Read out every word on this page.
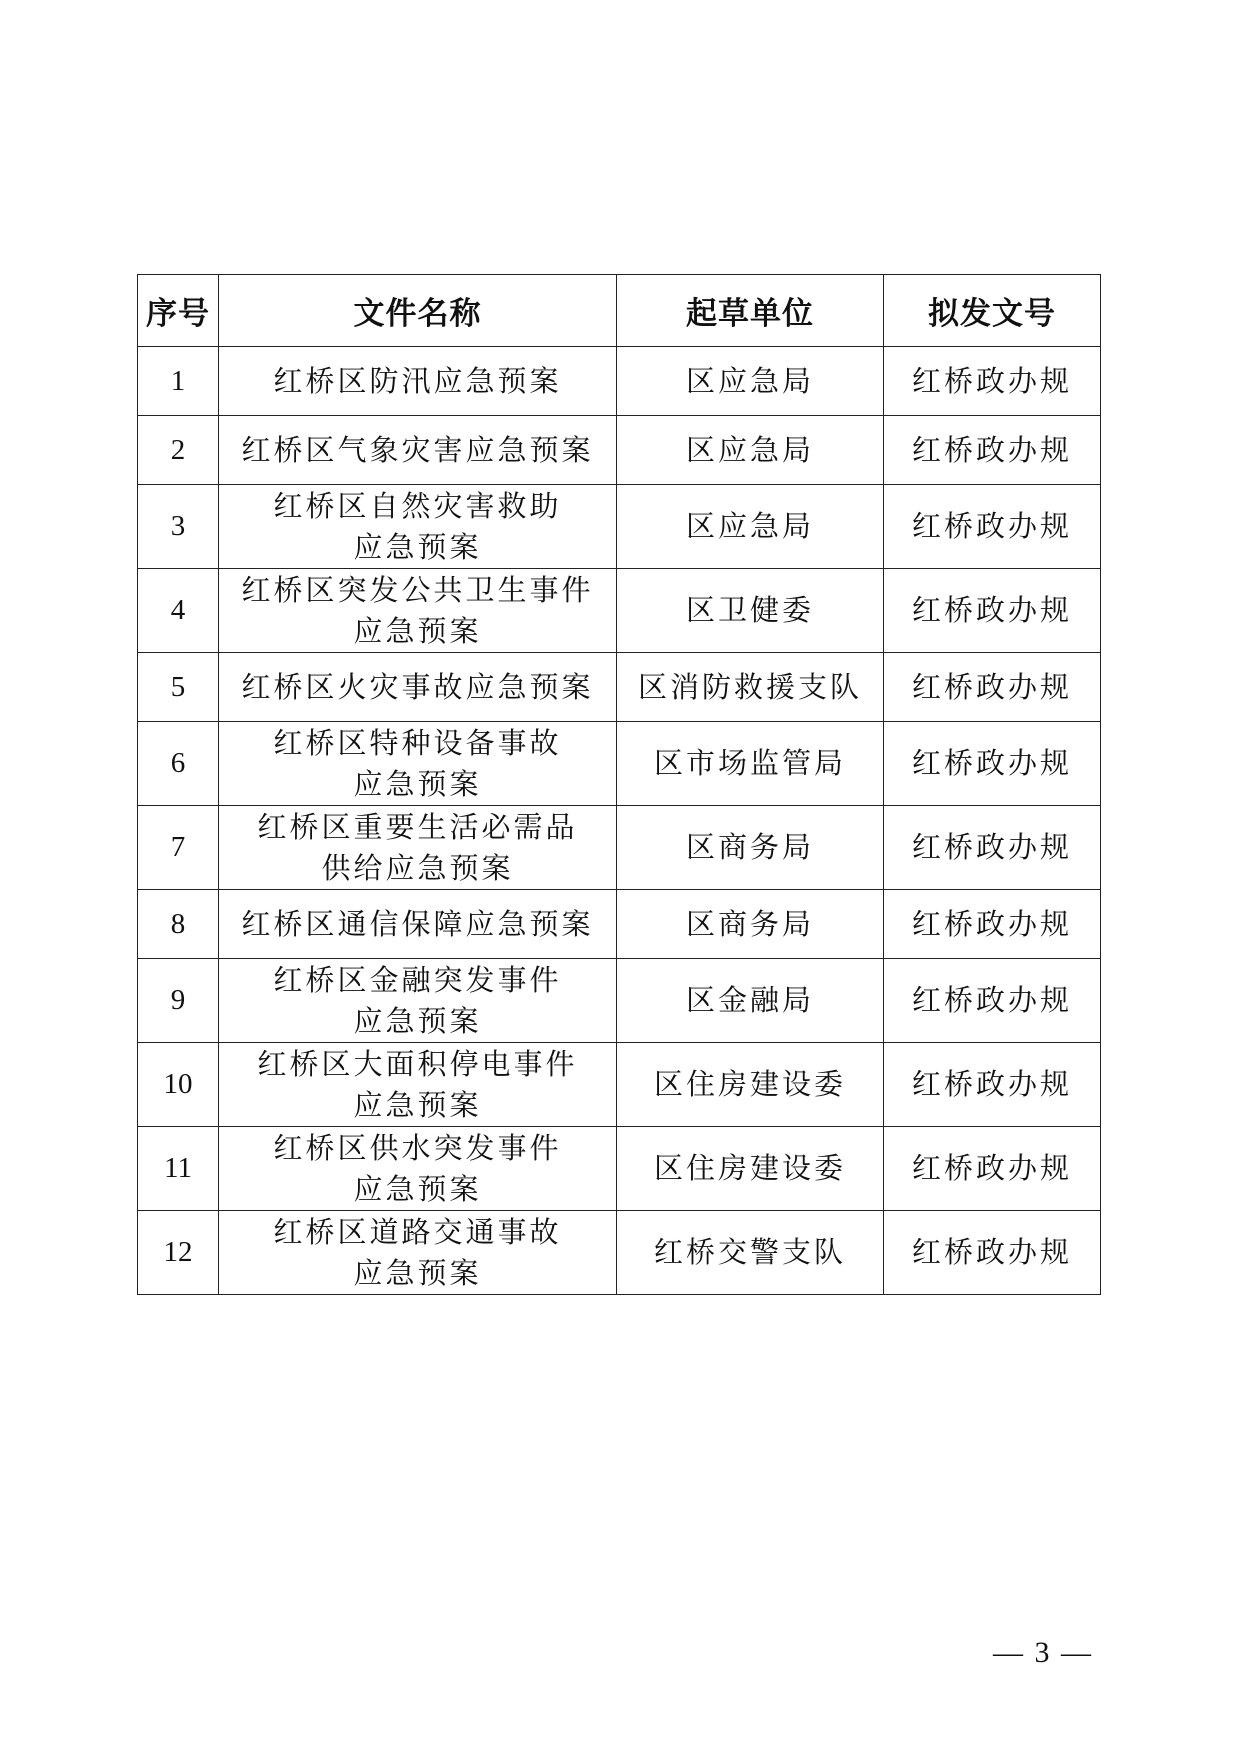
序号	文件名称	起草单位	拟发文号
1	红桥区防汛应急预案	区应急局	红桥政办规
2	红桥区气象灾害应急预案	区应急局	红桥政办规
3	红桥区自然灾害救助
应急预案	区应急局	红桥政办规
4	红桥区突发公共卫生事件
应急预案	区卫健委	红桥政办规
5	红桥区火灾事故应急预案	区消防救援支队	红桥政办规
6	红桥区特种设备事故
应急预案	区市场监管局	红桥政办规
7	红桥区重要生活必需品
供给应急预案	区商务局	红桥政办规
8	红桥区通信保障应急预案	区商务局	红桥政办规
9	红桥区金融突发事件
应急预案	区金融局	红桥政办规
10	红桥区大面积停电事件
应急预案	区住房建设委	红桥政办规
11	红桥区供水突发事件
应急预案	区住房建设委	红桥政办规
12	红桥区道路交通事故
应急预案	红桥交警支队	红桥政办规
— 3 —
